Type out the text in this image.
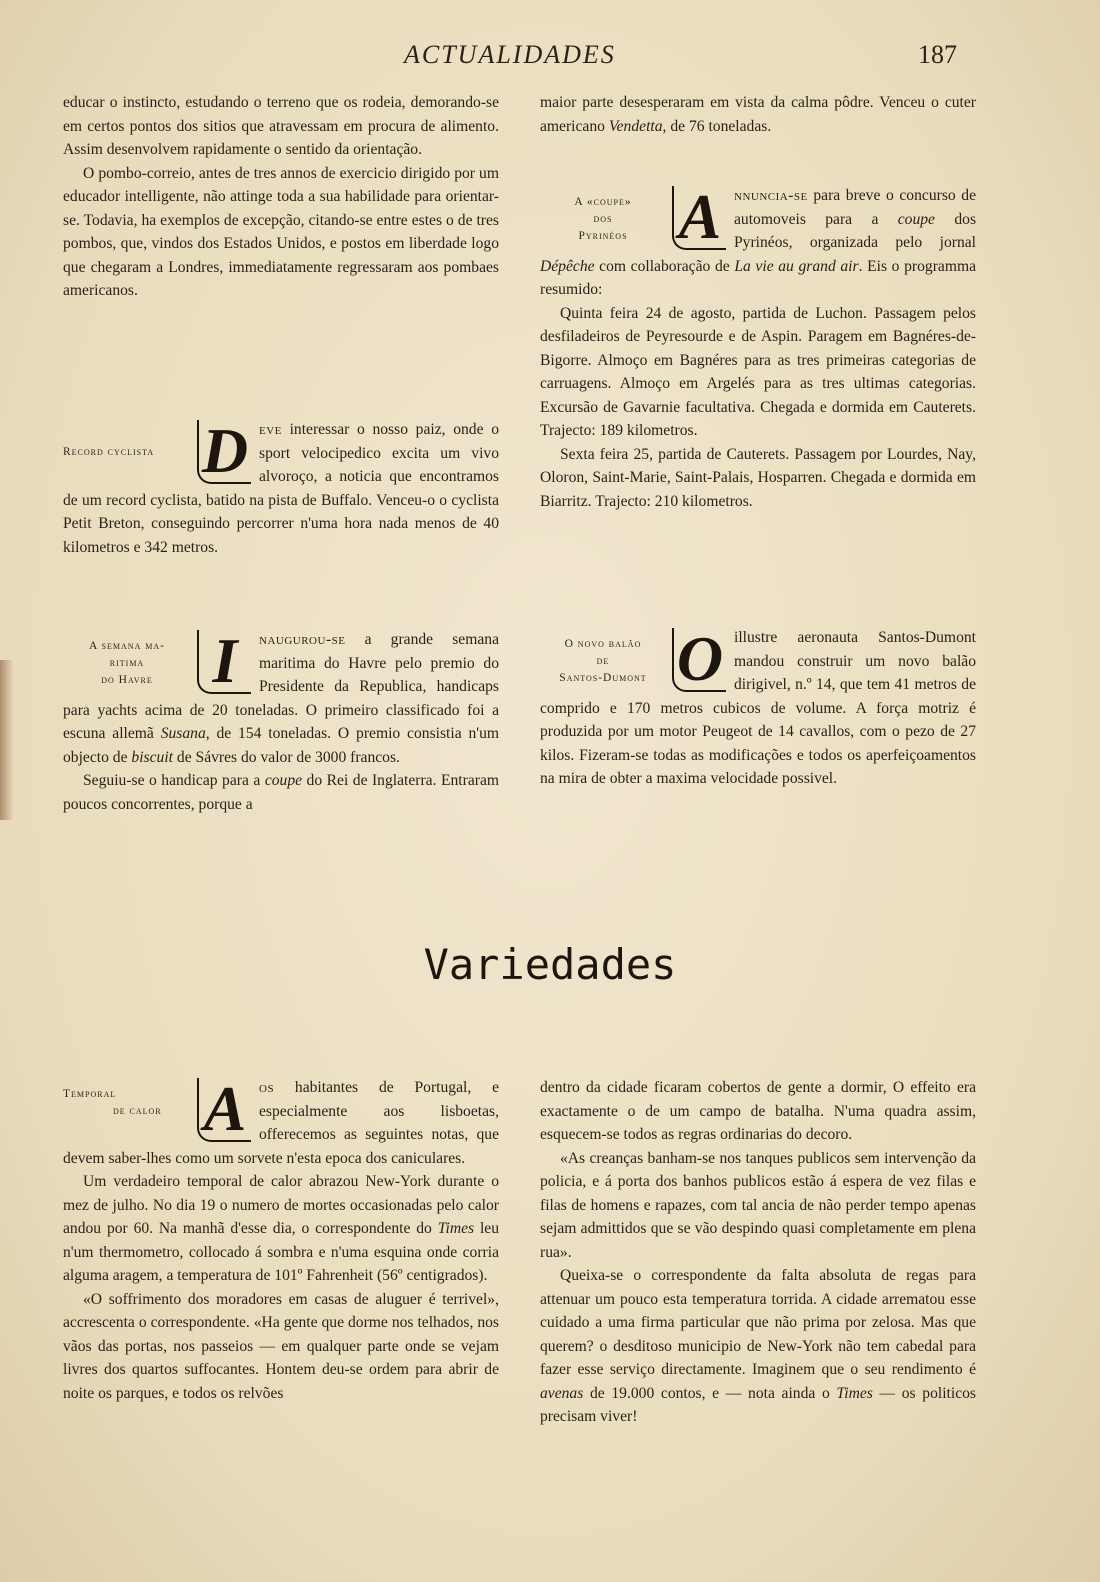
ACTUALIDADES	187

educar o instincto, estudando o terreno que os rodeia, demorando-se em certos pontos dos sitios que atravessam em procura de alimento. Assim desenvolvem rapidamente o sentido da orientação.

O pombo-correio, antes de tres annos de exercicio dirigido por um educador intelligente, não attinge toda a sua habilidade para orientar-se. Todavia, ha exemplos de excepção, citando-se entre estes o de tres pombos, que, vindos dos Estados Unidos, e postos em liberdade logo que chegaram a Londres, immediatamente regressaram aos pombaes americanos.

Record cyclista D eve interessar o nosso paiz, onde o sport velocipedico excita um vivo alvoroço, a noticia que encontramos de um record cyclista, batido na pista de Buffalo. Venceu-o o cyclista Petit Breton, conseguindo percorrer n'uma hora nada menos de 40 kilometros e 342 metros.

A semana ma-
ritima
do Havre I	naugurou-se a grande semana maritima do Havre pelo premio do Presidente da Republica, handicaps para yachts acima de 20 toneladas. O primeiro classificado foi a escuna allemã Susana, de 154 toneladas. O premio consistia n'um objecto de biscuit de Sávres do valor de 3000 francos.

Seguiu-se o handicap para a coupe do Rei de Inglaterra. Entraram poucos concorrentes, porque a

maior parte desesperaram em vista da calma pôdre. Venceu o cuter americano Vendetta, de 76 toneladas.

A «coupe»
dos
Pyrinéos A nnuncia-se para breve o concurso de automoveis para a coupe dos Pyrinéos, organizada pelo jornal Dépêche com collaboração de La vie au grand air. Eis o programma resumido:

Quinta feira 24 de agosto, partida de Luchon. Passagem pelos desfiladeiros de Peyresourde e de Aspin. Paragem em Bagnéres-de-Bigorre. Almoço em Bagnéres para as tres primeiras categorias de carruagens. Almoço em Argelés para as tres ultimas categorias. Excursão de Gavarnie facultativa. Chegada e dormida em Cauterets. Trajecto: 189 kilometros.

Sexta feira 25, partida de Cauterets. Passagem por Lourdes, Nay, Oloron, Saint-Marie, Saint-Palais, Hosparren. Chegada e dormida em Biarritz. Trajecto: 210 kilometros.

O novo balão
de
Santos-Dumont O illustre aeronauta Santos-Dumont mandou construir um novo balão dirigivel, n.º 14, que tem 41 metros de comprido e 170 metros cubicos de volume. A força motriz é produzida por um motor Peugeot de 14 cavallos, com o pezo de 27 kilos. Fizeram-se todas as modificações e todos os aperfeiçoamentos na mira de obter a maxima velocidade possivel.

Variedades
Temporal
de calor A os habitantes de Portugal, e especialmente aos lisboetas, offerecemos as seguintes notas, que devem saber-lhes como um sorvete n'esta epoca dos caniculares.

Um verdadeiro temporal de calor abrazou New-York durante o mez de julho. No dia 19 o numero de mortes occasionadas pelo calor andou por 60. Na manhã d'esse dia, o correspondente do Times leu n'um thermometro, collocado á sombra e n'uma esquina onde corria alguma aragem, a temperatura de 101º Fahrenheit (56º centigrados).

«O soffrimento dos moradores em casas de aluguer é terrivel», accrescenta o correspondente. «Ha gente que dorme nos telhados, nos vãos das portas, nos passeios — em qualquer parte onde se vejam livres dos quartos suffocantes. Hontem deu-se ordem para abrir de noite os parques, e todos os relvões

dentro da cidade ficaram cobertos de gente a dormir, O effeito era exactamente o de um campo de batalha. N'uma quadra assim, esquecem-se todos as regras ordinarias do decoro.

«As creanças banham-se nos tanques publicos sem intervenção da policia, e á porta dos banhos publicos estão á espera de vez filas e filas de homens e rapazes, com tal ancia de não perder tempo apenas sejam admittidos que se vão despindo quasi completamente em plena rua».

Queixa-se o correspondente da falta absoluta de regas para attenuar um pouco esta temperatura torrida. A cidade arrematou esse cuidado a uma firma particular que não prima por zelosa. Mas que querem? o desditoso municipio de New-York não tem cabedal para fazer esse serviço directamente. Imaginem que o seu rendimento é avenas de 19.000 contos, e — nota ainda o Times — os politicos precisam viver!
